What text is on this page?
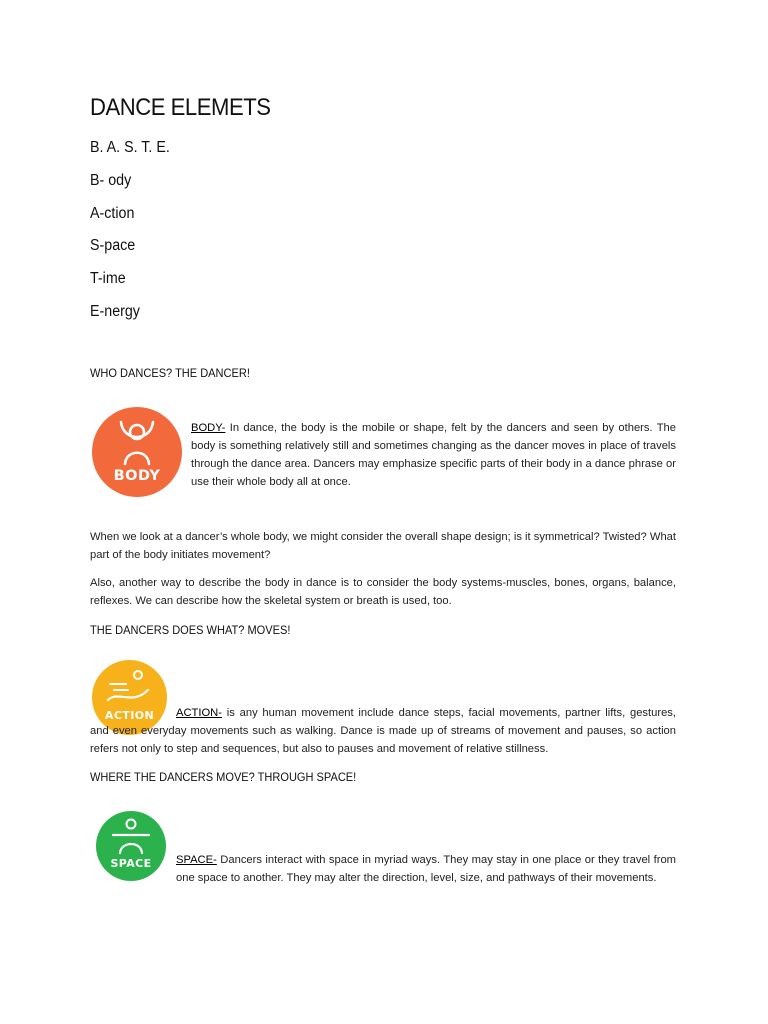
DANCE ELEMETS
B. A. S. T. E.
B- ody
A-ction
S-pace
T-ime
E-nergy
WHO DANCES? THE DANCER!
BODY
BODY- In dance, the body is the mobile or shape, felt by the dancers and seen by others. The body is something relatively still and sometimes changing as the dancer moves in place of travels through the dance area. Dancers may emphasize specific parts of their body in a dance phrase or use their whole body all at once.
When we look at a dancer’s whole body, we might consider the overall shape design; is it symmetrical? Twisted? What part of the body initiates movement?
Also, another way to describe the body in dance is to consider the body systems-muscles, bones, organs, balance, reflexes. We can describe how the skeletal system or breath is used, too.
THE DANCERS DOES WHAT? MOVES!
ACTION	ACTION- is any human movement include dance steps, facial movements, partner lifts, gestures, and even everyday movements such as walking. Dance is made up of streams of movement and pauses, so action refers not only to step and sequences, but also to pauses and movement of relative stillness.
WHERE THE DANCERS MOVE? THROUGH SPACE!
SPACE	SPACE- Dancers interact with space in myriad ways. They may stay in one place or they travel from one space to another. They may alter the direction, level, size, and pathways of their movements.
